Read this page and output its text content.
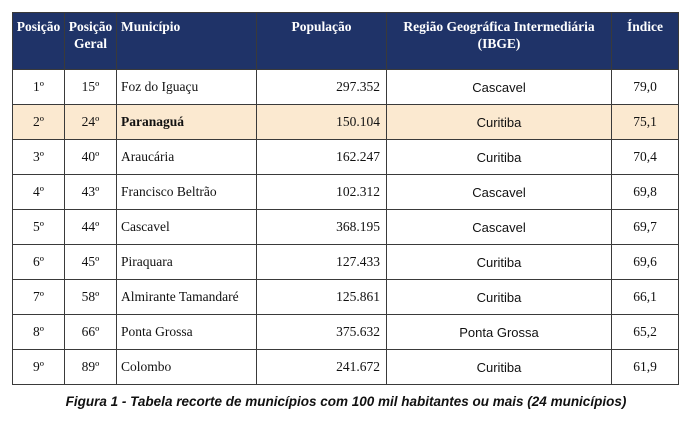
Posição	Posição Geral	Município	População	Região Geográfica Intermediária (IBGE)	Índice
1º	15º	Foz do Iguaçu	297.352	Cascavel	79,0
2º	24º	Paranaguá	150.104	Curitiba	75,1
3º	40º	Araucária	162.247	Curitiba	70,4
4º	43º	Francisco Beltrão	102.312	Cascavel	69,8
5º	44º	Cascavel	368.195	Cascavel	69,7
6º	45º	Piraquara	127.433	Curitiba	69,6
7º	58º	Almirante Tamandaré	125.861	Curitiba	66,1
8º	66º	Ponta Grossa	375.632	Ponta Grossa	65,2
9º	89º	Colombo	241.672	Curitiba	61,9
Figura 1 - Tabela recorte de municípios com 100 mil habitantes ou mais (24 municípios)
